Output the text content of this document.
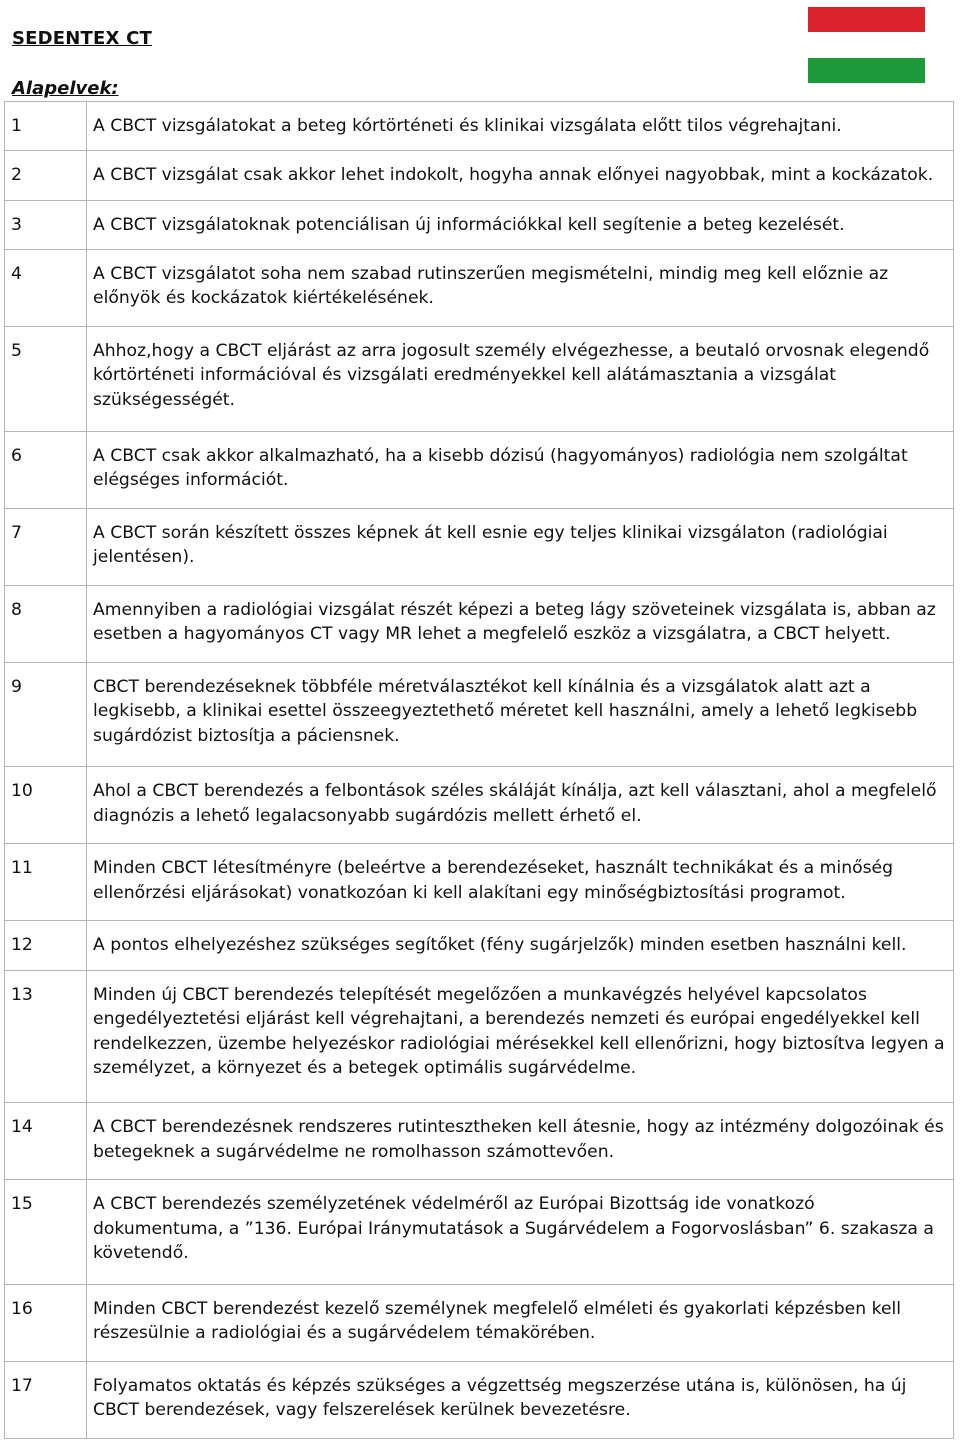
SEDENTEX CT
Alapelvek:
1	A CBCT vizsgálatokat a beteg kórtörténeti és klinikai vizsgálata előtt tilos végrehajtani.
2	A CBCT vizsgálat csak akkor lehet indokolt, hogyha annak előnyei nagyobbak, mint a kockázatok.
3	A CBCT vizsgálatoknak potenciálisan új információkkal kell segítenie a beteg kezelését.
4	A CBCT vizsgálatot soha nem szabad rutinszerűen megismételni, mindig meg kell előznie az előnyök és kockázatok kiértékelésének.
5	Ahhoz,hogy a CBCT eljárást az arra jogosult személy elvégezhesse, a beutaló orvosnak elegendő kórtörténeti információval és vizsgálati eredményekkel kell alátámasztania a vizsgálat szükségességét.
6	A CBCT csak akkor alkalmazható, ha a kisebb dózisú (hagyományos) radiológia nem szolgáltat elégséges információt.
7	A CBCT során készített összes képnek át kell esnie egy teljes klinikai vizsgálaton (radiológiai jelentésen).
8	Amennyiben a radiológiai vizsgálat részét képezi a beteg lágy szöveteinek vizsgálata is, abban az esetben a hagyományos CT vagy MR lehet a megfelelő eszköz a vizsgálatra, a CBCT helyett.
9	CBCT berendezéseknek többféle méretválasztékot kell kínálnia és a vizsgálatok alatt azt a legkisebb, a klinikai esettel összeegyeztethető méretet kell használni, amely a lehető legkisebb sugárdózist biztosítja a páciensnek.
10	Ahol a CBCT berendezés a felbontások széles skáláját kínálja, azt kell választani, ahol a megfelelő diagnózis a lehető legalacsonyabb sugárdózis mellett érhető el.
11	Minden CBCT létesítményre (beleértve a berendezéseket, használt technikákat és a minőség ellenőrzési eljárásokat) vonatkozóan ki kell alakítani egy minőségbiztosítási programot.
12	A pontos elhelyezéshez szükséges segítőket (fény sugárjelzők) minden esetben használni kell.
13	Minden új CBCT berendezés telepítését megelőzően a munkavégzés helyével kapcsolatos engedélyeztetési eljárást kell végrehajtani, a berendezés nemzeti és európai engedélyekkel kell rendelkezzen, üzembe helyezéskor radiológiai mérésekkel kell ellenőrizni, hogy biztosítva legyen a személyzet, a környezet és a betegek optimális sugárvédelme.
14	A CBCT berendezésnek rendszeres rutintesztheken kell átesnie, hogy az intézmény dolgozóinak és betegeknek a sugárvédelme ne romolhasson számottevően.
15	A CBCT berendezés személyzetének védelméről az Európai Bizottság ide vonatkozó dokumentuma, a ”136. Európai Iránymutatások a Sugárvédelem a Fogorvoslásban” 6. szakasza a követendő.
16	Minden CBCT berendezést kezelő személynek megfelelő elméleti és gyakorlati képzésben kell részesülnie a radiológiai és a sugárvédelem témakörében.
17	Folyamatos oktatás és képzés szükséges a végzettség megszerzése utána is, különösen, ha új CBCT berendezések, vagy felszerelések kerülnek bevezetésre.
